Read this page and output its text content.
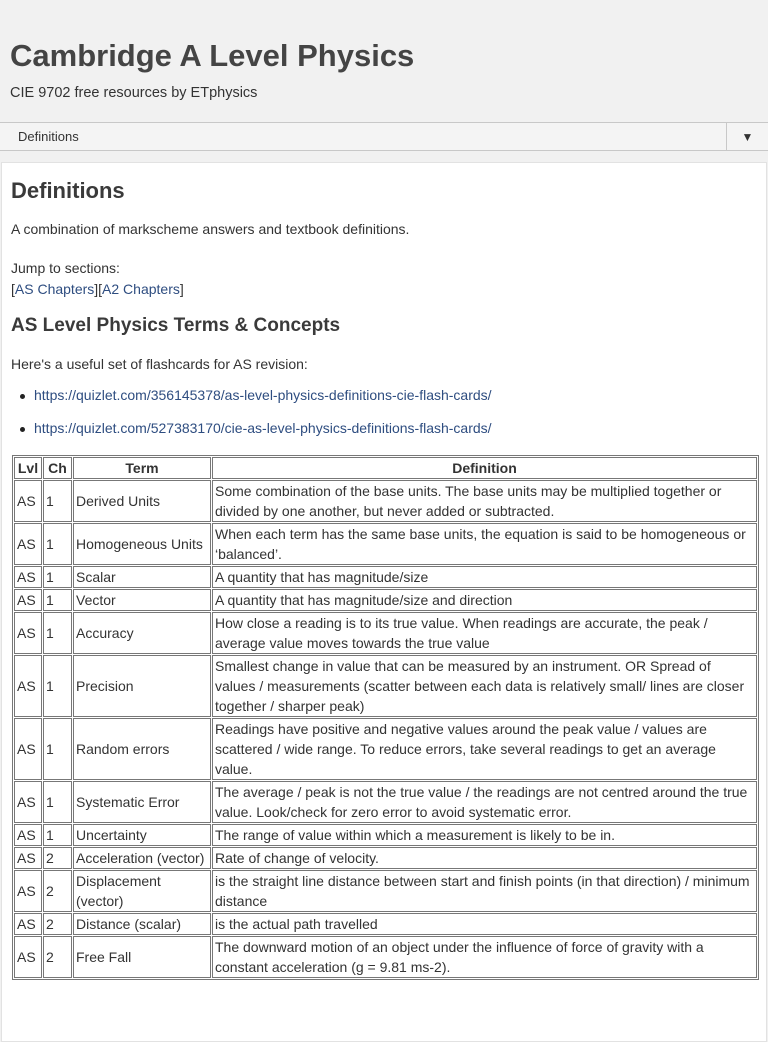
Cambridge A Level Physics
CIE 9702 free resources by ETphysics
Definitions	▼
Definitions

A combination of markscheme answers and textbook definitions.

Jump to sections:

[AS Chapters][A2 Chapters]

AS Level Physics Terms & Concepts

Here's a useful set of flashcards for AS revision:

https://quizlet.com/356145378/as-level-physics-definitions-cie-flash-cards/
https://quizlet.com/527383170/cie-as-level-physics-definitions-flash-cards/
Lvl	Ch	Term	Definition
AS	1	Derived Units	Some combination of the base units. The base units may be multiplied together or divided by one another, but never added or subtracted.
AS	1	Homogeneous Units	When each term has the same base units, the equation is said to be homogeneous or ‘balanced’.
AS	1	Scalar	A quantity that has magnitude/size
AS	1	Vector	A quantity that has magnitude/size and direction
AS	1	Accuracy	How close a reading is to its true value. When readings are accurate, the peak / average value moves towards the true value
AS	1	Precision	Smallest change in value that can be measured by an instrument. OR Spread of values / measurements (scatter between each data is relatively small/ lines are closer together / sharper peak)
AS	1	Random errors	Readings have positive and negative values around the peak value / values are scattered / wide range. To reduce errors, take several readings to get an average value.
AS	1	Systematic Error	The average / peak is not the true value / the readings are not centred around the true value. Look/check for zero error to avoid systematic error.
AS	1	Uncertainty	The range of value within which a measurement is likely to be in.
AS	2	Acceleration (vector)	Rate of change of velocity.
AS	2	Displacement (vector)	is the straight line distance between start and finish points (in that direction) / minimum distance
AS	2	Distance (scalar)	is the actual path travelled
AS	2	Free Fall	The downward motion of an object under the influence of force of gravity with a constant acceleration (g = 9.81 ms-2).
